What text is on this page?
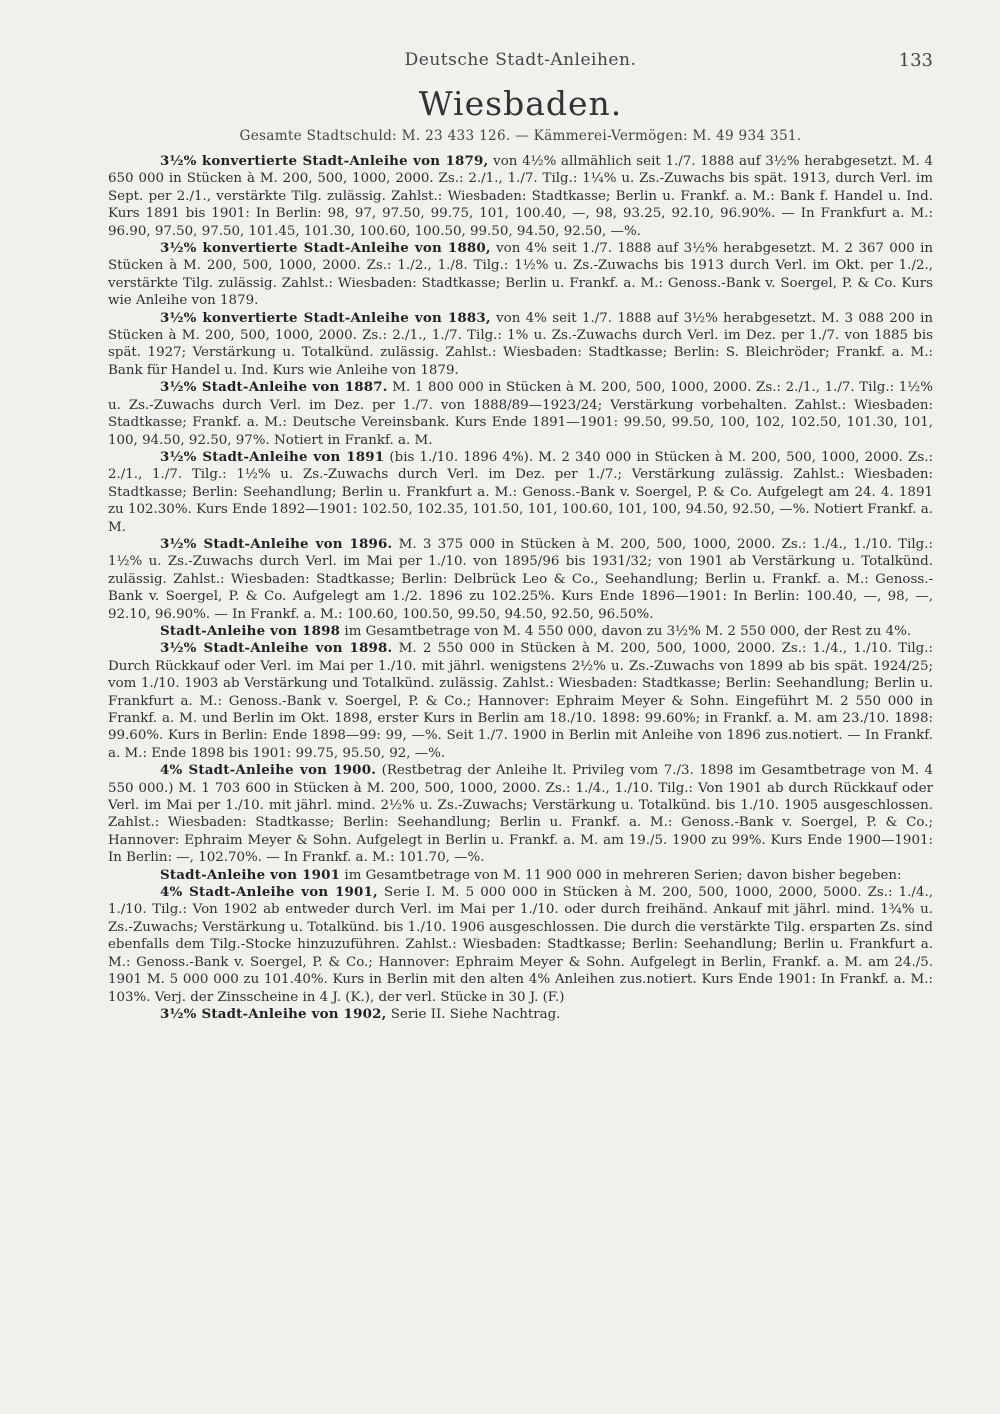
Deutsche Stadt-Anleihen.	133
Wiesbaden.
Gesamte Stadtschuld: M. 23 433 126. — Kämmerei-Vermögen: M. 49 934 351.

3½% konvertierte Stadt-Anleihe von 1879, von 4½% allmählich seit 1./7. 1888 auf 3½% herabgesetzt. M. 4 650 000 in Stücken à M. 200, 500, 1000, 2000. Zs.: 2./1., 1./7. Tilg.: 1¼% u. Zs.-Zuwachs bis spät. 1913, durch Verl. im Sept. per 2./1., verstärkte Tilg. zulässig. Zahlst.: Wiesbaden: Stadtkasse; Berlin u. Frankf. a. M.: Bank f. Handel u. Ind. Kurs 1891 bis 1901: In Berlin: 98, 97, 97.50, 99.75, 101, 100.40, —, 98, 93.25, 92.10, 96.90%. — In Frankfurt a. M.: 96.90, 97.50, 97.50, 101.45, 101.30, 100.60, 100.50, 99.50, 94.50, 92.50, —%.

3½% konvertierte Stadt-Anleihe von 1880, von 4% seit 1./7. 1888 auf 3½% herabgesetzt. M. 2 367 000 in Stücken à M. 200, 500, 1000, 2000. Zs.: 1./2., 1./8. Tilg.: 1½% u. Zs.-Zuwachs bis 1913 durch Verl. im Okt. per 1./2., verstärkte Tilg. zulässig. Zahlst.: Wiesbaden: Stadtkasse; Berlin u. Frankf. a. M.: Genoss.-Bank v. Soergel, P. & Co. Kurs wie Anleihe von 1879.

3½% konvertierte Stadt-Anleihe von 1883, von 4% seit 1./7. 1888 auf 3½% herabgesetzt. M. 3 088 200 in Stücken à M. 200, 500, 1000, 2000. Zs.: 2./1., 1./7. Tilg.: 1% u. Zs.-Zuwachs durch Verl. im Dez. per 1./7. von 1885 bis spät. 1927; Verstärkung u. Totalkünd. zulässig. Zahlst.: Wiesbaden: Stadtkasse; Berlin: S. Bleichröder; Frankf. a. M.: Bank für Handel u. Ind. Kurs wie Anleihe von 1879.

3½% Stadt-Anleihe von 1887. M. 1 800 000 in Stücken à M. 200, 500, 1000, 2000. Zs.: 2./1., 1./7. Tilg.: 1½% u. Zs.-Zuwachs durch Verl. im Dez. per 1./7. von 1888/89—1923/24; Verstärkung vorbehalten. Zahlst.: Wiesbaden: Stadtkasse; Frankf. a. M.: Deutsche Vereinsbank. Kurs Ende 1891—1901: 99.50, 99.50, 100, 102, 102.50, 101.30, 101, 100, 94.50, 92.50, 97%. Notiert in Frankf. a. M.

3½% Stadt-Anleihe von 1891 (bis 1./10. 1896 4%). M. 2 340 000 in Stücken à M. 200, 500, 1000, 2000. Zs.: 2./1., 1./7. Tilg.: 1½% u. Zs.-Zuwachs durch Verl. im Dez. per 1./7.; Verstärkung zulässig. Zahlst.: Wiesbaden: Stadtkasse; Berlin: Seehandlung; Berlin u. Frankfurt a. M.: Genoss.-Bank v. Soergel, P. & Co. Aufgelegt am 24. 4. 1891 zu 102.30%. Kurs Ende 1892—1901: 102.50, 102.35, 101.50, 101, 100.60, 101, 100, 94.50, 92.50, —%. Notiert Frankf. a. M.

3½% Stadt-Anleihe von 1896. M. 3 375 000 in Stücken à M. 200, 500, 1000, 2000. Zs.: 1./4., 1./10. Tilg.: 1½% u. Zs.-Zuwachs durch Verl. im Mai per 1./10. von 1895/96 bis 1931/32; von 1901 ab Verstärkung u. Totalkünd. zulässig. Zahlst.: Wiesbaden: Stadtkasse; Berlin: Delbrück Leo & Co., Seehandlung; Berlin u. Frankf. a. M.: Genoss.-Bank v. Soergel, P. & Co. Aufgelegt am 1./2. 1896 zu 102.25%. Kurs Ende 1896—1901: In Berlin: 100.40, —, 98, —, 92.10, 96.90%. — In Frankf. a. M.: 100.60, 100.50, 99.50, 94.50, 92.50, 96.50%.

Stadt-Anleihe von 1898 im Gesamtbetrage von M. 4 550 000, davon zu 3½% M. 2 550 000, der Rest zu 4%.

3½% Stadt-Anleihe von 1898. M. 2 550 000 in Stücken à M. 200, 500, 1000, 2000. Zs.: 1./4., 1./10. Tilg.: Durch Rückkauf oder Verl. im Mai per 1./10. mit jährl. wenigstens 2½% u. Zs.-Zuwachs von 1899 ab bis spät. 1924/25; vom 1./10. 1903 ab Verstärkung und Totalkünd. zulässig. Zahlst.: Wiesbaden: Stadtkasse; Berlin: Seehandlung; Berlin u. Frankfurt a. M.: Genoss.-Bank v. Soergel, P. & Co.; Hannover: Ephraim Meyer & Sohn. Eingeführt M. 2 550 000 in Frankf. a. M. und Berlin im Okt. 1898, erster Kurs in Berlin am 18./10. 1898: 99.60%; in Frankf. a. M. am 23./10. 1898: 99.60%. Kurs in Berlin: Ende 1898—99: 99, —%. Seit 1./7. 1900 in Berlin mit Anleihe von 1896 zus.notiert. — In Frankf. a. M.: Ende 1898 bis 1901: 99.75, 95.50, 92, —%.

4% Stadt-Anleihe von 1900. (Restbetrag der Anleihe lt. Privileg vom 7./3. 1898 im Gesamtbetrage von M. 4 550 000.) M. 1 703 600 in Stücken à M. 200, 500, 1000, 2000. Zs.: 1./4., 1./10. Tilg.: Von 1901 ab durch Rückkauf oder Verl. im Mai per 1./10. mit jährl. mind. 2½% u. Zs.-Zuwachs; Verstärkung u. Totalkünd. bis 1./10. 1905 ausgeschlossen. Zahlst.: Wiesbaden: Stadtkasse; Berlin: Seehandlung; Berlin u. Frankf. a. M.: Genoss.-Bank v. Soergel, P. & Co.; Hannover: Ephraim Meyer & Sohn. Aufgelegt in Berlin u. Frankf. a. M. am 19./5. 1900 zu 99%. Kurs Ende 1900—1901: In Berlin: —, 102.70%. — In Frankf. a. M.: 101.70, —%.

Stadt-Anleihe von 1901 im Gesamtbetrage von M. 11 900 000 in mehreren Serien; davon bisher begeben:

4% Stadt-Anleihe von 1901, Serie I. M. 5 000 000 in Stücken à M. 200, 500, 1000, 2000, 5000. Zs.: 1./4., 1./10. Tilg.: Von 1902 ab entweder durch Verl. im Mai per 1./10. oder durch freihänd. Ankauf mit jährl. mind. 1¾% u. Zs.-Zuwachs; Verstärkung u. Totalkünd. bis 1./10. 1906 ausgeschlossen. Die durch die verstärkte Tilg. ersparten Zs. sind ebenfalls dem Tilg.-Stocke hinzuzuführen. Zahlst.: Wiesbaden: Stadtkasse; Berlin: Seehandlung; Berlin u. Frankfurt a. M.: Genoss.-Bank v. Soergel, P. & Co.; Hannover: Ephraim Meyer & Sohn. Aufgelegt in Berlin, Frankf. a. M. am 24./5. 1901 M. 5 000 000 zu 101.40%. Kurs in Berlin mit den alten 4% Anleihen zus.notiert. Kurs Ende 1901: In Frankf. a. M.: 103%. Verj. der Zinsscheine in 4 J. (K.), der verl. Stücke in 30 J. (F.)

3½% Stadt-Anleihe von 1902, Serie II. Siehe Nachtrag.
